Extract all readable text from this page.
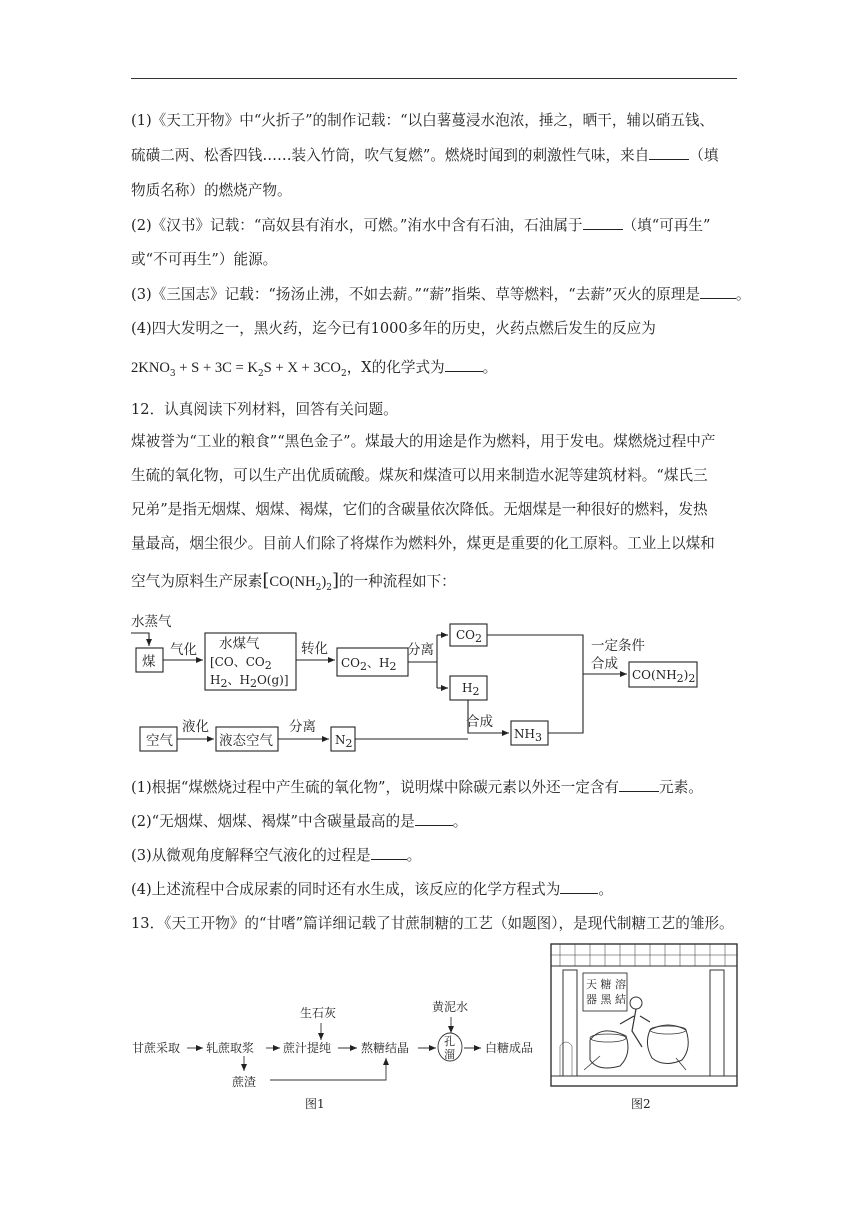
(1)《天工开物》中“火折子”的制作记载：“以白薯蔓浸水泡浓，捶之，晒干，辅以硝五钱、
硫磺二两、松香四钱……装入竹筒，吹气复燃”。燃烧时闻到的刺激性气味，来自	（填
物质名称）的燃烧产物。
(2)《汉书》记载：“高奴县有洧水，可燃。”洧水中含有石油，石油属于	（填“可再生”
或“不可再生”）能源。
(3)《三国志》记载：“扬汤止沸，不如去薪。”“薪”指柴、草等燃料，“去薪”灭火的原理是 。
(4)四大发明之一，黑火药，迄今已有1000多年的历史，火药点燃后发生的反应为
$2KNO_3 + S + 3C = K_2S + X + 3CO_2$，X的化学式为	。
12．认真阅读下列材料，回答有关问题。
煤被誉为“工业的粮食”“黑色金子”。煤最大的用途是作为燃料，用于发电。煤燃烧过程中产
生硫的氧化物，可以生产出优质硫酸。煤灰和煤渣可以用来制造水泥等建筑材料。“煤氏三
兄弟”是指无烟煤、烟煤、褐煤，它们的含碳量依次降低。无烟煤是一种很好的燃料，发热
量最高，烟尘很少。目前人们除了将煤作为燃料外，煤更是重要的化工原料。工业上以煤和
空气为原料生产尿素$[CO(NH_2)_2]$的一种流程如下：
水蒸气
煤
气化 水煤气
[CO、CO2
H2、H2O(g)]
转化
CO2、H2
分离
CO2
H2
一定条件
合成
CO(NH2)2
空气
液化
液态空气
分离
N2
合成
NH3
(1)根据“煤燃烧过程中产生硫的氧化物”，说明煤中除碳元素以外还一定含有	元素。
(2)“无烟煤、烟煤、褐煤”中含碳量最高的是	。
(3)从微观角度解释空气液化的过程是 。
(4)上述流程中合成尿素的同时还有水生成，该反应的化学方程式为	。
13．《天工开物》的“甘嗜”篇详细记载了甘蔗制糖的工艺（如题图），是现代制糖工艺的雏形。
甘蔗采取 轧蔗取浆 蔗汁提纯 熬糖结晶
生石灰	黄泥水
孔
溜	白糖成品
蔗渣
图1
天 糖 溶
器 黑 結
图2
